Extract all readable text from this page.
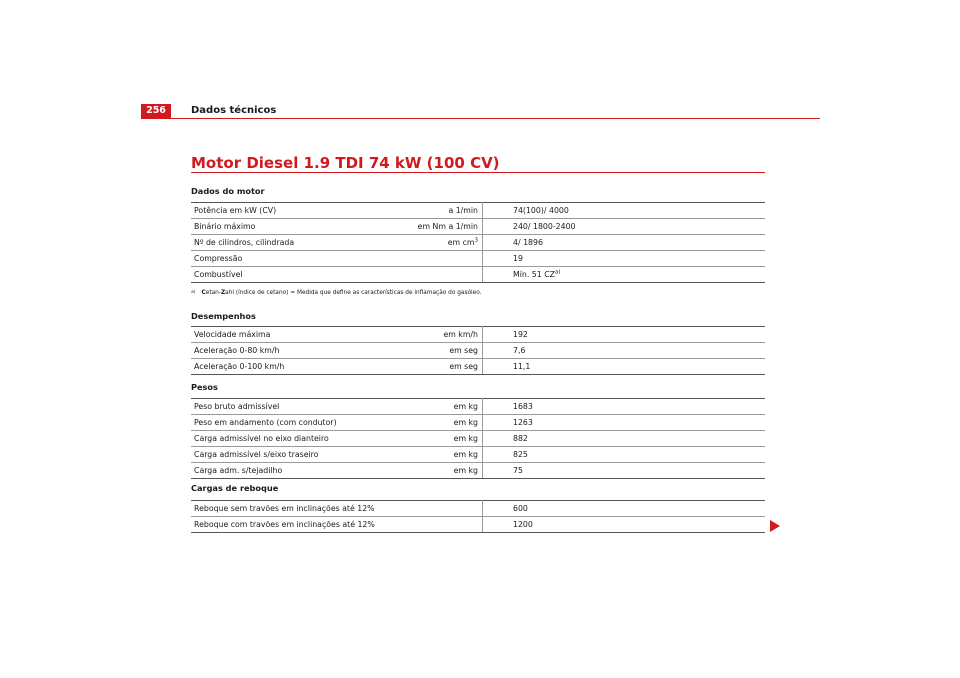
256	Dados técnicos
Motor Diesel 1.9 TDI 74 kW (100 CV)
Dados do motor
Potência em kW (CV)	a 1/min	74(100)/ 4000
Binário máximo	em Nm a 1/min	240/ 1800-2400
Nº de cilindros, cilindrada	em $cm^3$	4/ 1896
Compressão		19
Combustível		Mín. 51 CZ$^{a)}$
$^{a)}$ Cetan-Zahl (índice de cetano) = Medida que define as características de inflamação do gasóleo.
Desempenhos
Velocidade máxima	em km/h	192
Aceleração 0-80 km/h	em seg	7,6
Aceleração 0-100 km/h	em seg	11,1
Pesos
Peso bruto admissível	em kg	1683
Peso em andamento (com condutor)	em kg	1263
Carga admissível no eixo dianteiro	em kg	882
Carga admissível s/eixo traseiro	em kg	825
Carga adm. s/tejadilho	em kg	75
Cargas de reboque
Reboque sem travões em inclinações até 12%		600
Reboque com travões em inclinações até 12%		1200
